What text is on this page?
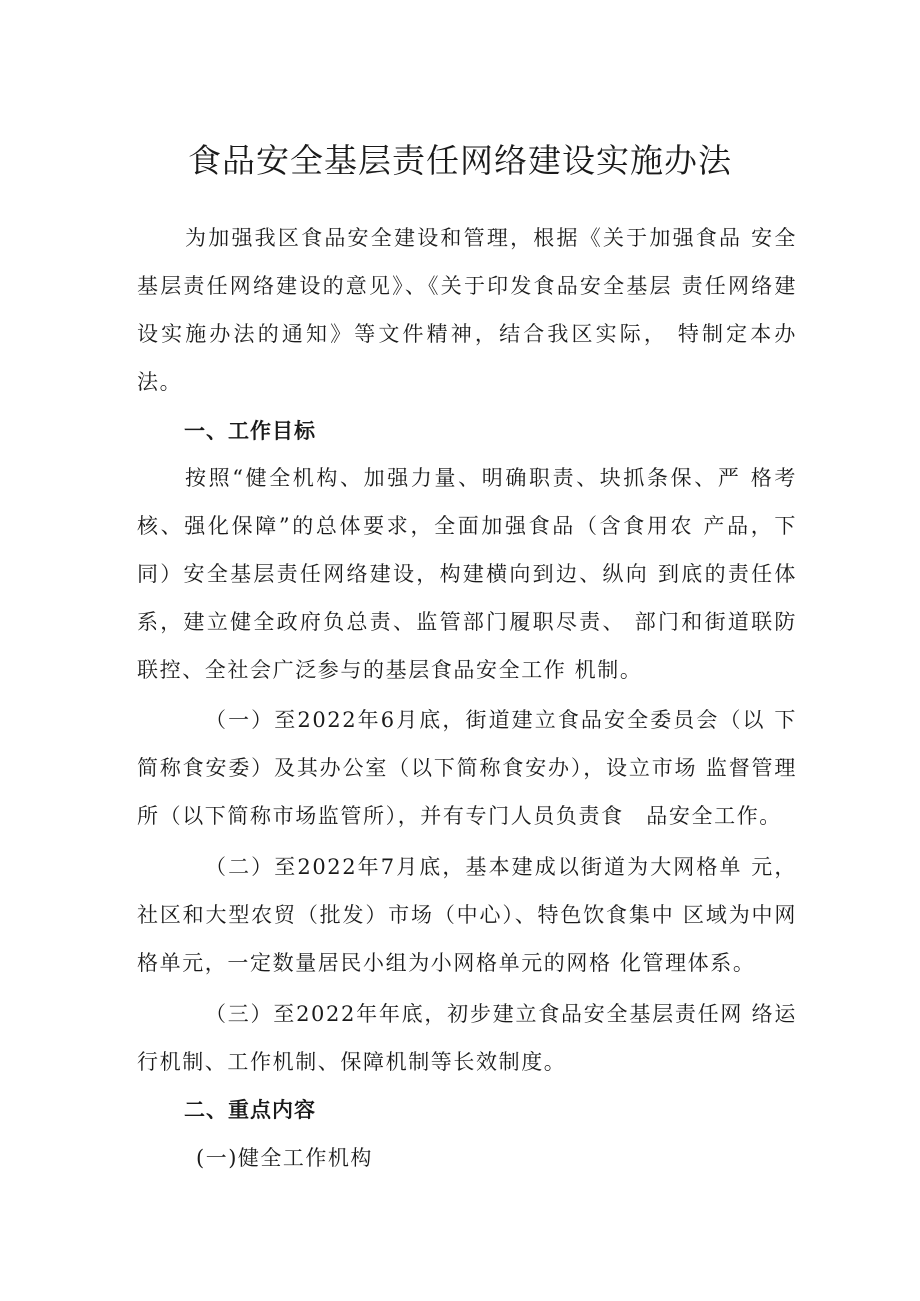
食品安全基层责任网络建设实施办法

为加强我区食品安全建设和管理，根据《关于加强食品 安全基层责任网络建设的意见》、《关于印发食品安全基层 责任网络建设实施办法的通知》等文件精神，结合我区实际， 特制定本办法。

一、工作目标

按照“健全机构、加强力量、明确职责、块抓条保、严 格考核、强化保障”的总体要求，全面加强食品（含食用农 产品，下同）安全基层责任网络建设，构建横向到边、纵向 到底的责任体系，建立健全政府负总责、监管部门履职尽责、 部门和街道联防联控、全社会广泛参与的基层食品安全工作 机制。

（一）至2022年6月底，街道建立食品安全委员会（以 下简称食安委）及其办公室（以下简称食安办），设立市场 监督管理所（以下简称市场监管所），并有专门人员负责食　品安全工作。

（二）至2022年7月底，基本建成以街道为大网格单 元，社区和大型农贸（批发）市场（中心）、特色饮食集中 区域为中网格单元，一定数量居民小组为小网格单元的网格 化管理体系。

（三）至2022年年底，初步建立食品安全基层责任网 络运行机制、工作机制、保障机制等长效制度。

二、重点内容
(一)健全工作机构
